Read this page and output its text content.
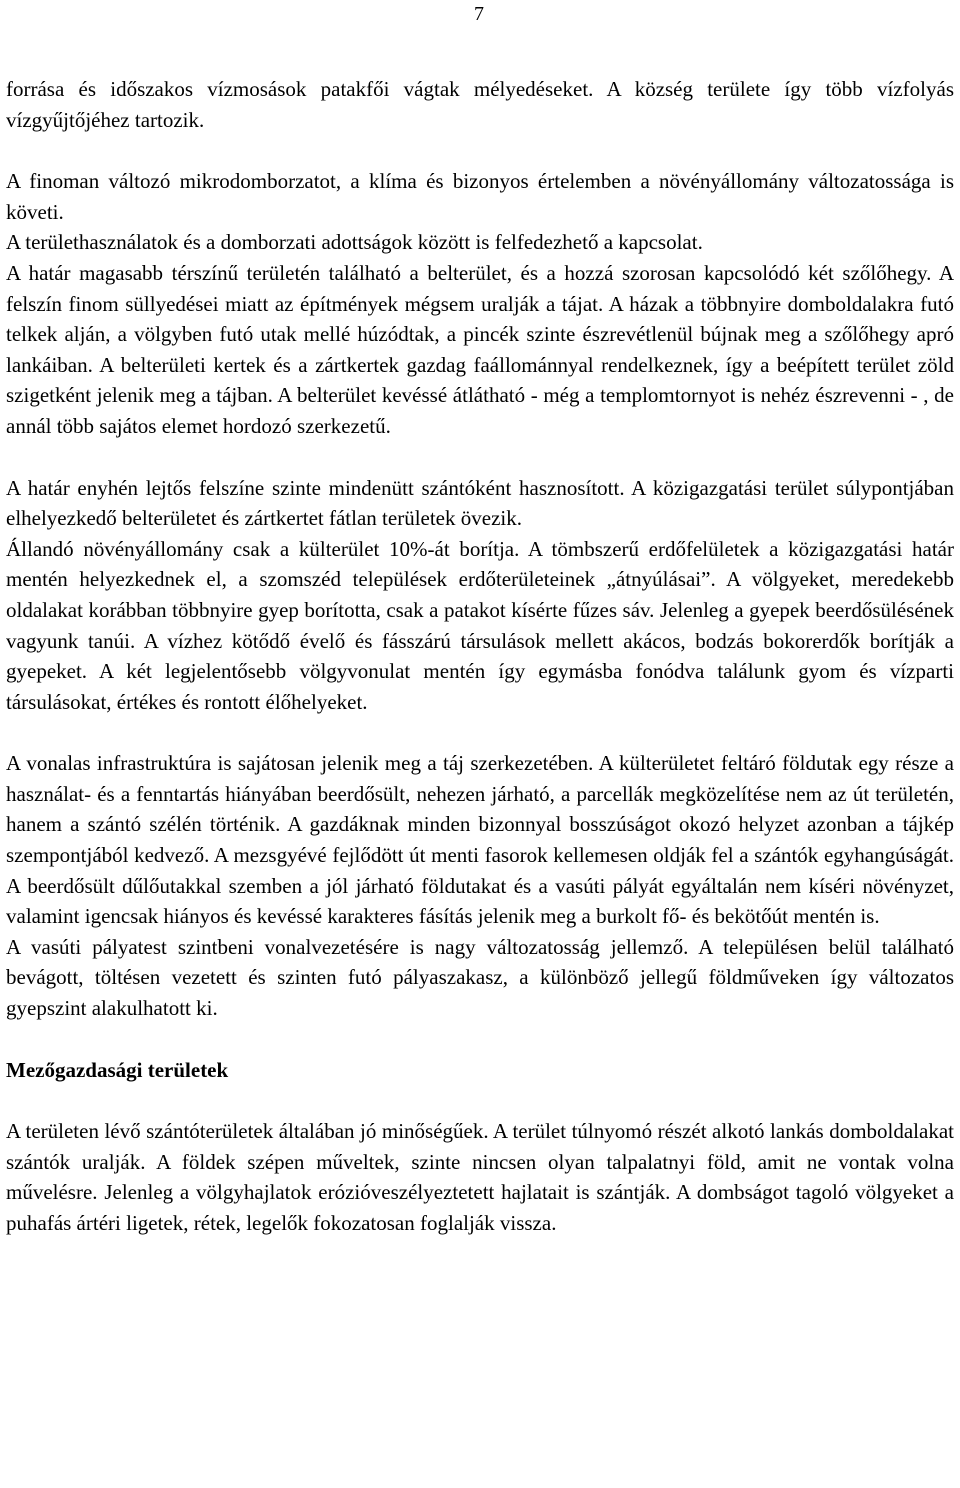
7

forrása és időszakos vízmosások patakfői vágtak mélyedéseket. A község területe így több vízfolyás vízgyűjtőjéhez tartozik.

A finoman változó mikrodomborzatot, a klíma és bizonyos értelemben a növényállomány változatossága is követi.

A területhasználatok és a domborzati adottságok között is felfedezhető a kapcsolat.

A határ magasabb térszínű területén található a belterület, és a hozzá szorosan kapcsolódó két szőlőhegy. A felszín finom süllyedései miatt az építmények mégsem uralják a tájat. A házak a többnyire domboldalakra futó telkek alján, a völgyben futó utak mellé húzódtak, a pincék szinte észrevétlenül bújnak meg a szőlőhegy apró lankáiban. A belterületi kertek és a zártkertek gazdag faállománnyal rendelkeznek, így a beépített terület zöld szigetként jelenik meg a tájban. A belterület kevéssé átlátható - még a templomtornyot is nehéz észrevenni - , de annál több sajátos elemet hordozó szerkezetű.

A határ enyhén lejtős felszíne szinte mindenütt szántóként hasznosított. A közigazgatási terület súlypontjában elhelyezkedő belterületet és zártkertet fátlan területek övezik.

Állandó növényállomány csak a külterület 10%-át borítja. A tömbszerű erdőfelületek a közigazgatási határ mentén helyezkednek el, a szomszéd települések erdőterületeinek „átnyúlásai”. A völgyeket, meredekebb oldalakat korábban többnyire gyep borította, csak a patakot kísérte fűzes sáv. Jelenleg a gyepek beerdősülésének vagyunk tanúi. A vízhez kötődő évelő és fásszárú társulások mellett akácos, bodzás bokorerdők borítják a gyepeket. A két legjelentősebb völgyvonulat mentén így egymásba fonódva találunk gyom és vízparti társulásokat, értékes és rontott élőhelyeket.

A vonalas infrastruktúra is sajátosan jelenik meg a táj szerkezetében. A külterületet feltáró földutak egy része a használat- és a fenntartás hiányában beerdősült, nehezen járható, a parcellák megközelítése nem az út területén, hanem a szántó szélén történik. A gazdáknak minden bizonnyal bosszúságot okozó helyzet azonban a tájkép szempontjából kedvező. A mezsgyévé fejlődött út menti fasorok kellemesen oldják fel a szántók egyhangúságát. A beerdősült dűlőutakkal szemben a jól járható földutakat és a vasúti pályát egyáltalán nem kíséri növényzet, valamint igencsak hiányos és kevéssé karakteres fásítás jelenik meg a burkolt fő- és bekötőút mentén is.

A vasúti pályatest szintbeni vonalvezetésére is nagy változatosság jellemző. A településen belül található bevágott, töltésen vezetett és szinten futó pályaszakasz, a különböző jellegű földműveken így változatos gyepszint alakulhatott ki.

Mezőgazdasági területek

A területen lévő szántóterületek általában jó minőségűek. A terület túlnyomó részét alkotó lankás domboldalakat szántók uralják. A földek szépen műveltek, szinte nincsen olyan talpalatnyi föld, amit ne vontak volna művelésre. Jelenleg a völgyhajlatok erózióveszélyeztetett hajlatait is szántják. A dombságot tagoló völgyeket a puhafás ártéri ligetek, rétek, legelők fokozatosan foglalják vissza.
